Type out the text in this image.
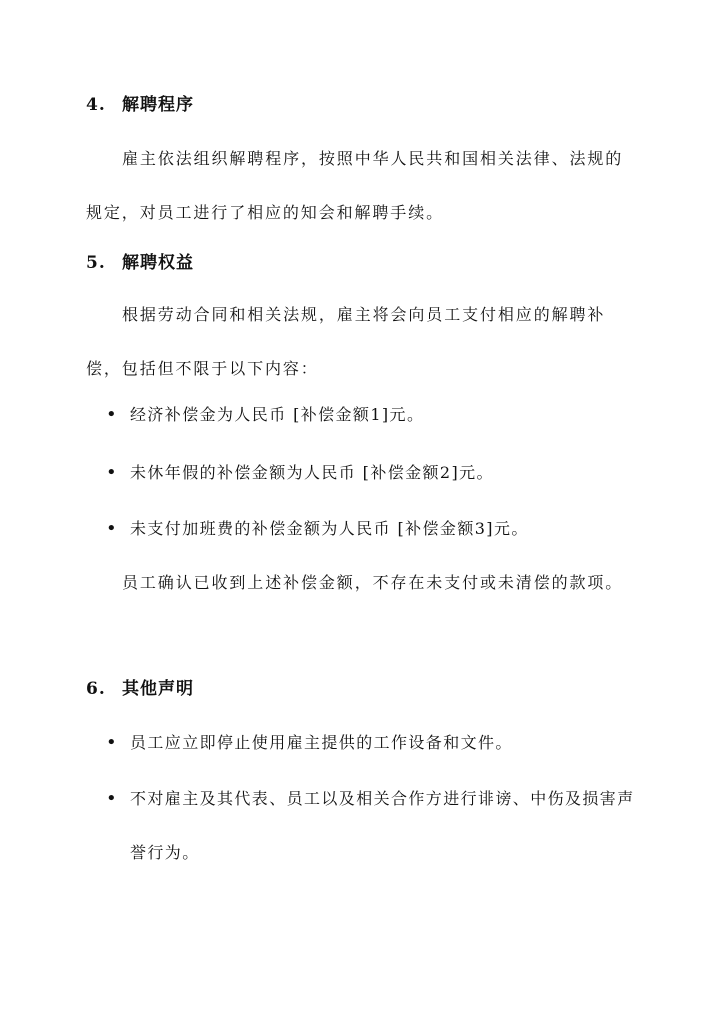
4. 解聘程序

雇主依法组织解聘程序，按照中华人民共和国相关法律、法规的规定，对员工进行了相应的知会和解聘手续。

5. 解聘权益

根据劳动合同和相关法规，雇主将会向员工支付相应的解聘补偿，包括但不限于以下内容：

• 经济补偿金为人民币 [补偿金额1]元。
• 未休年假的补偿金额为人民币 [补偿金额2]元。
• 未支付加班费的补偿金额为人民币 [补偿金额3]元。

员工确认已收到上述补偿金额，不存在未支付或未清偿的款项。

6. 其他声明
• 员工应立即停止使用雇主提供的工作设备和文件。
• 不对雇主及其代表、员工以及相关合作方进行诽谤、中伤及损害声誉行为。
